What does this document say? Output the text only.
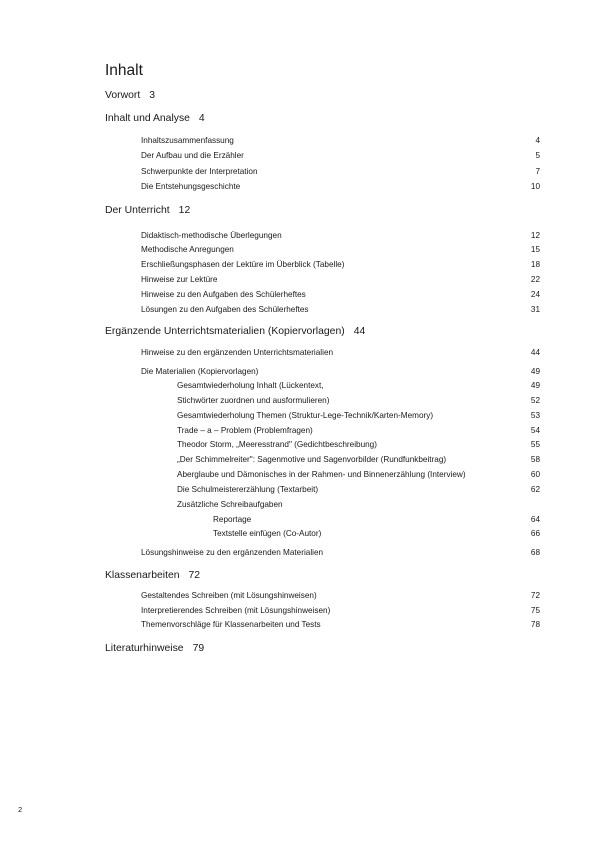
Inhalt
Vorwort 3
Inhalt und Analyse 4
Inhaltszusammenfassung	4
Der Aufbau und die Erzähler	5
Schwerpunkte der Interpretation	7
Die Entstehungsgeschichte	10
Der Unterricht 12
Didaktisch-methodische Überlegungen	12
Methodische Anregungen	15
Erschließungsphasen der Lektüre im Überblick (Tabelle)	18
Hinweise zur Lektüre	22
Hinweise zu den Aufgaben des Schülerheftes	24
Lösungen zu den Aufgaben des Schülerheftes	31
Ergänzende Unterrichtsmaterialien (Kopiervorlagen) 44
Hinweise zu den ergänzenden Unterrichtsmaterialien	44
Die Materialien (Kopiervorlagen)	49
Gesamtwiederholung Inhalt (Lückentext,	49
Stichwörter zuordnen und ausformulieren)	52
Gesamtwiederholung Themen (Struktur-Lege-Technik/Karten-Memory)	53
Trade – a – Problem (Problemfragen)	54
Theodor Storm, „Meeresstrand" (Gedichtbeschreibung)	55
„Der Schimmelreiter": Sagenmotive und Sagenvorbilder (Rundfunkbeitrag)	58
Aberglaube und Dämonisches in der Rahmen- und Binnenerzählung (Interview)	60
Die Schulmeistererzählung (Textarbeit)	62
Zusätzliche Schreibaufgaben
Reportage	64
Textstelle einfügen (Co-Autor)	66
Lösungshinweise zu den ergänzenden Materialien	68
Klassenarbeiten 72
Gestaltendes Schreiben (mit Lösungshinweisen)	72
Interpretierendes Schreiben (mit Lösungshinweisen)	75
Themenvorschläge für Klassenarbeiten und Tests	78
Literaturhinweise 79
2
